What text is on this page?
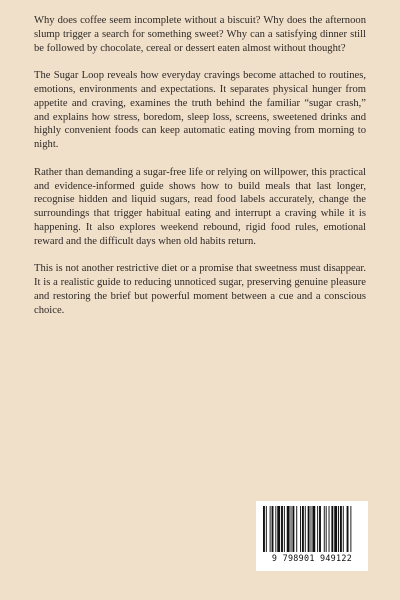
Why does coffee seem incomplete without a biscuit? Why does the afternoon slump trigger a search for something sweet? Why can a satisfying dinner still be followed by chocolate, cereal or dessert eaten almost without thought?

The Sugar Loop reveals how everyday cravings become attached to routines, emotions, environments and expectations. It separates physical hunger from appetite and craving, examines the truth behind the familiar “sugar crash,” and explains how stress, boredom, sleep loss, screens, sweetened drinks and highly convenient foods can keep automatic eating moving from morning to night.

Rather than demanding a sugar-free life or relying on willpower, this practical and evidence-informed guide shows how to build meals that last longer, recognise hidden and liquid sugars, read food labels accurately, change the surroundings that trigger habitual eating and interrupt a craving while it is happening. It also explores weekend rebound, rigid food rules, emotional reward and the difficult days when old habits return.

This is not another restrictive diet or a promise that sweetness must disappear. It is a realistic guide to reducing unnoticed sugar, preserving genuine pleasure and restoring the brief but powerful moment between a cue and a conscious choice.

9 798901 949122
